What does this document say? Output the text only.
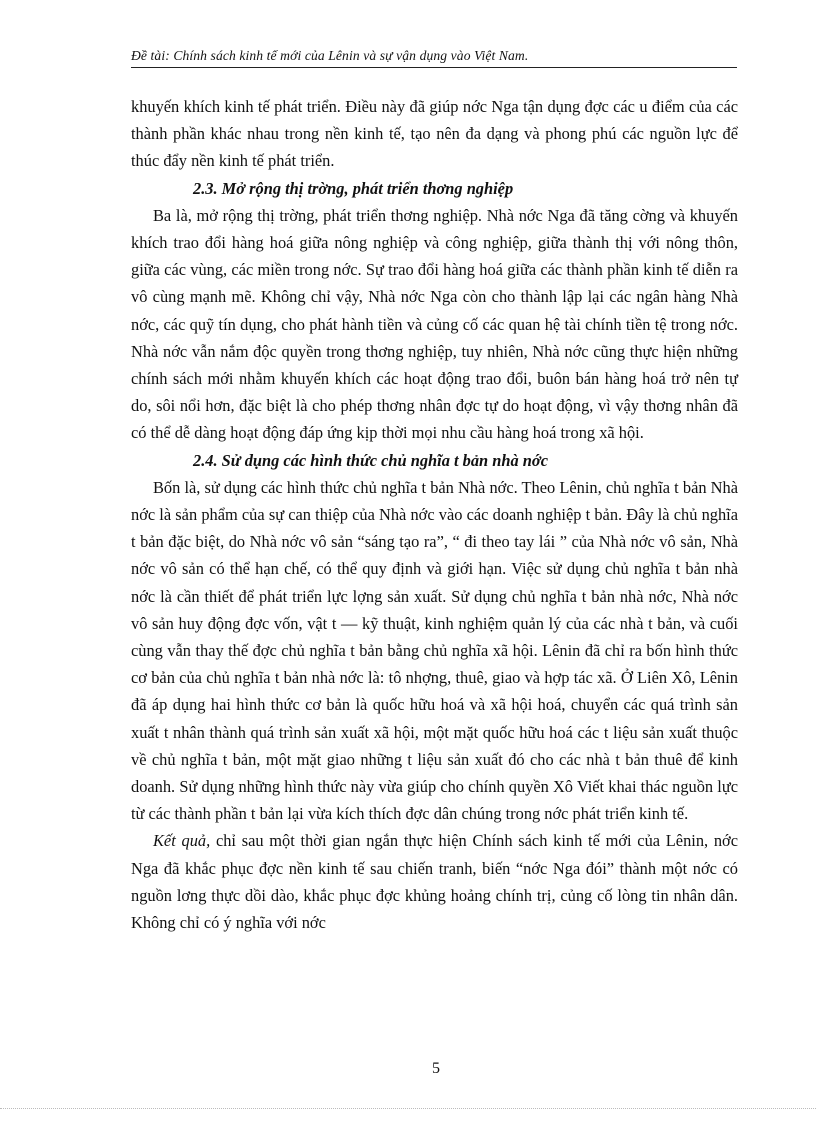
Đề tài: Chính sách kinh tế mới của Lênin và sự vận dụng vào Việt Nam.

khuyến khích kinh tế phát triển. Điều này đã giúp nớc Nga tận dụng đợc các u điểm của các thành phần khác nhau trong nền kinh tế, tạo nên đa dạng và phong phú các nguồn lực để thúc đẩy nền kinh tế phát triển.

2.3. Mở rộng thị trờng, phát triển thơng nghiệp

Ba là, mở rộng thị trờng, phát triển thơng nghiệp. Nhà nớc Nga đã tăng cờng và khuyến khích trao đổi hàng hoá giữa nông nghiệp và công nghiệp, giữa thành thị với nông thôn, giữa các vùng, các miền trong nớc. Sự trao đổi hàng hoá giữa các thành phần kinh tế diễn ra vô cùng mạnh mẽ. Không chỉ vậy, Nhà nớc Nga còn cho thành lập lại các ngân hàng Nhà nớc, các quỹ tín dụng, cho phát hành tiền và củng cố các quan hệ tài chính tiền tệ trong nớc. Nhà nớc vẫn nắm độc quyền trong thơng nghiệp, tuy nhiên, Nhà nớc cũng thực hiện những chính sách mới nhằm khuyến khích các hoạt động trao đổi, buôn bán hàng hoá trở nên tự do, sôi nổi hơn, đặc biệt là cho phép thơng nhân đợc tự do hoạt động, vì vậy thơng nhân đã có thể dễ dàng hoạt động đáp ứng kịp thời mọi nhu cầu hàng hoá trong xã hội.

2.4. Sử dụng các hình thức chủ nghĩa t bản nhà nớc

Bốn là, sử dụng các hình thức chủ nghĩa t bản Nhà nớc. Theo Lênin, chủ nghĩa t bản Nhà nớc là sản phẩm của sự can thiệp của Nhà nớc vào các doanh nghiệp t bản. Đây là chủ nghĩa t bản đặc biệt, do Nhà nớc vô sản “sáng tạo ra”, “ đi theo tay lái ” của Nhà nớc vô sản, Nhà nớc vô sản có thể hạn chế, có thể quy định và giới hạn. Việc sử dụng chủ nghĩa t bản nhà nớc là cần thiết để phát triển lực lợng sản xuất. Sử dụng chủ nghĩa t bản nhà nớc, Nhà nớc vô sản huy động đợc vốn, vật t — kỹ thuật, kinh nghiệm quản lý của các nhà t bản, và cuối cùng vẫn thay thế đợc chủ nghĩa t bản bằng chủ nghĩa xã hội. Lênin đã chỉ ra bốn hình thức cơ bản của chủ nghĩa t bản nhà nớc là: tô nhợng, thuê, giao và hợp tác xã. Ở Liên Xô, Lênin đã áp dụng hai hình thức cơ bản là quốc hữu hoá và xã hội hoá, chuyển các quá trình sản xuất t nhân thành quá trình sản xuất xã hội, một mặt quốc hữu hoá các t liệu sản xuất thuộc về chủ nghĩa t bản, một mặt giao những t liệu sản xuất đó cho các nhà t bản thuê để kinh doanh. Sử dụng những hình thức này vừa giúp cho chính quyền Xô Viết khai thác nguồn lực từ các thành phần t bản lại vừa kích thích đợc dân chúng trong nớc phát triển kinh tế.

Kết quả, chỉ sau một thời gian ngắn thực hiện Chính sách kinh tế mới của Lênin, nớc Nga đã khắc phục đợc nền kinh tế sau chiến tranh, biến “nớc Nga đói” thành một nớc có nguồn lơng thực dồi dào, khắc phục đợc khủng hoảng chính trị, củng cố lòng tin nhân dân. Không chỉ có ý nghĩa với nớc

5
